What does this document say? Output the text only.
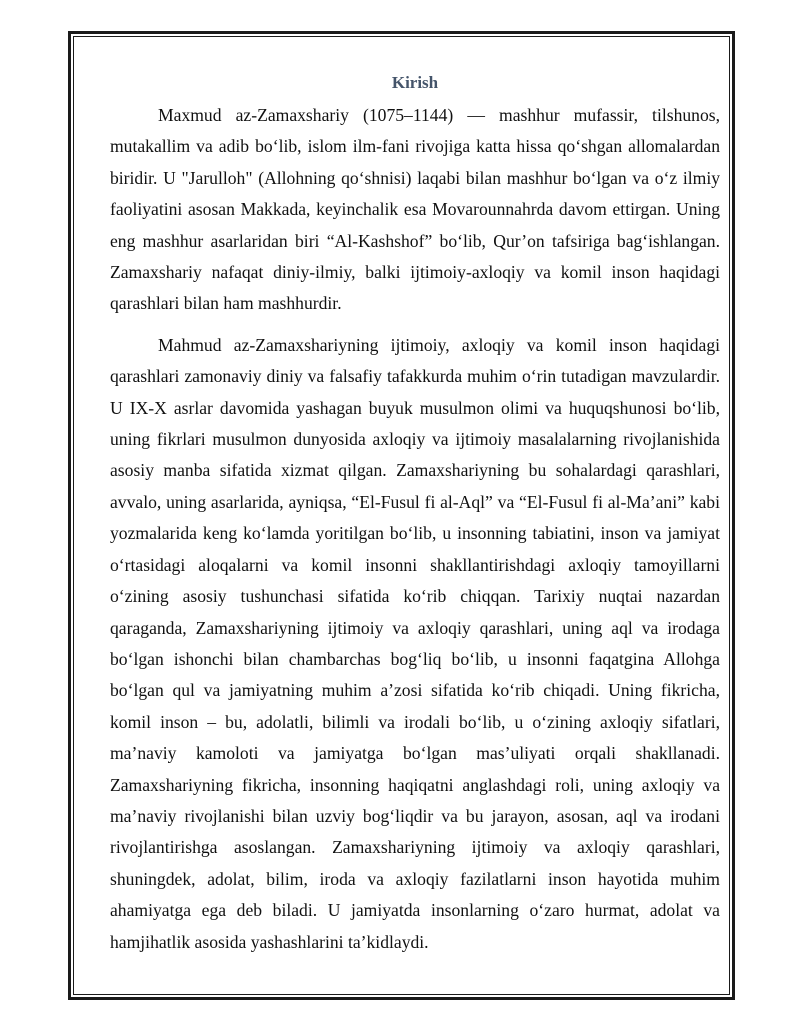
Kirish

Maxmud az-Zamaxshariy (1075–1144) — mashhur mufassir, tilshunos, mutakallim va adib bo‘lib, islom ilm-fani rivojiga katta hissa qo‘shgan allomalardan biridir. U "Jarulloh" (Allohning qo‘shnisi) laqabi bilan mashhur bo‘lgan va o‘z ilmiy faoliyatini asosan Makkada, keyinchalik esa Movarounnahrda davom ettirgan. Uning eng mashhur asarlaridan biri “Al-Kashshof” bo‘lib, Qur’on tafsiriga bag‘ishlangan. Zamaxshariy nafaqat diniy-ilmiy, balki ijtimoiy-axloqiy va komil inson haqidagi qarashlari bilan ham mashhurdir.

Mahmud az-Zamaxshariyning ijtimoiy, axloqiy va komil inson haqidagi qarashlari zamonaviy diniy va falsafiy tafakkurda muhim o‘rin tutadigan mavzulardir. U IX-X asrlar davomida yashagan buyuk musulmon olimi va huquqshunosi bo‘lib, uning fikrlari musulmon dunyosida axloqiy va ijtimoiy masalalarning rivojlanishida asosiy manba sifatida xizmat qilgan. Zamaxshariyning bu sohalardagi qarashlari, avvalo, uning asarlarida, ayniqsa, “El-Fusul fi al-Aql” va “El-Fusul fi al-Ma’ani” kabi yozmalarida keng ko‘lamda yoritilgan bo‘lib, u insonning tabiatini, inson va jamiyat o‘rtasidagi aloqalarni va komil insonni shakllantirishdagi axloqiy tamoyillarni o‘zining asosiy tushunchasi sifatida ko‘rib chiqqan. Tarixiy nuqtai nazardan qaraganda, Zamaxshariyning ijtimoiy va axloqiy qarashlari, uning aql va irodaga bo‘lgan ishonchi bilan chambarchas bog‘liq bo‘lib, u insonni faqatgina Allohga bo‘lgan qul va jamiyatning muhim a’zosi sifatida ko‘rib chiqadi. Uning fikricha, komil inson – bu, adolatli, bilimli va irodali bo‘lib, u o‘zining axloqiy sifatlari, ma’naviy kamoloti va jamiyatga bo‘lgan mas’uliyati orqali shakllanadi. Zamaxshariyning fikricha, insonning haqiqatni anglashdagi roli, uning axloqiy va ma’naviy rivojlanishi bilan uzviy bog‘liqdir va bu jarayon, asosan, aql va irodani rivojlantirishga asoslangan. Zamaxshariyning ijtimoiy va axloqiy qarashlari, shuningdek, adolat, bilim, iroda va axloqiy fazilatlarni inson hayotida muhim ahamiyatga ega deb biladi. U jamiyatda insonlarning o‘zaro hurmat, adolat va hamjihatlik asosida yashashlarini ta’kidlaydi.
